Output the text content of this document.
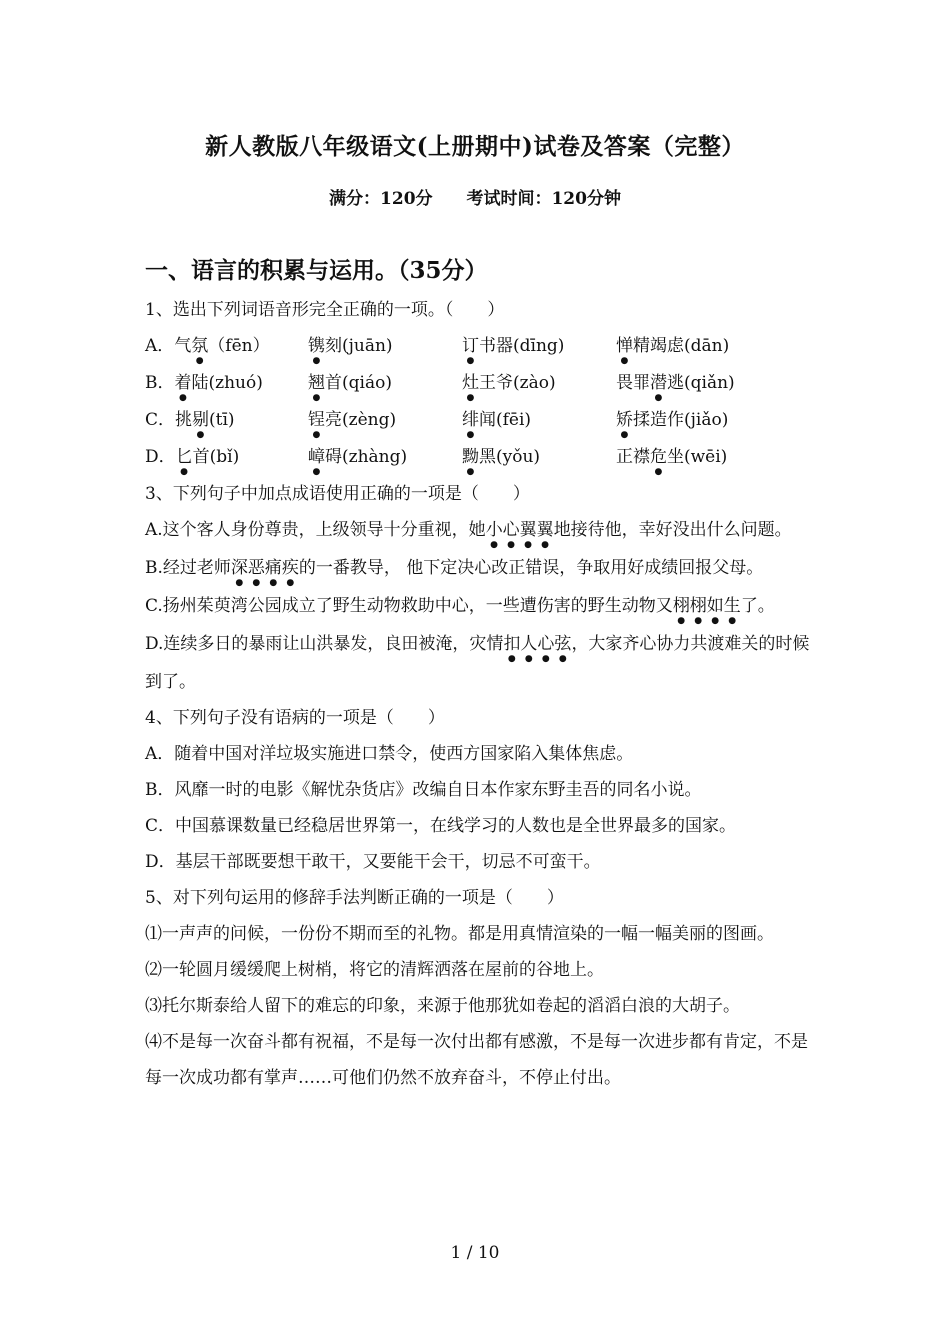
新人教版八年级语文(上册期中)试卷及答案（完整）
满分：120分 考试时间：120分钟
一、语言的积累与运用。（35分）
1、选出下列词语音形完全正确的一项。（　　）
A．气氛（fēn）	镌刻(juān)	订书器(dīng)	惮精竭虑(dān)
B．着陆(zhuó)	翘首(qiáo)	灶王爷(zào)	畏罪潜逃(qiǎn)
C．挑剔(tī)	锃亮(zèng)	绯闻(fēi)	矫揉造作(jiǎo)
D．匕首(bǐ)	嶂碍(zhàng)	黝黑(yǒu)	正襟危坐(wēi)
3、下列句子中加点成语使用正确的一项是（　　）
A.这个客人身份尊贵，上级领导十分重视，她小心翼翼地接待他，幸好没出什么问题。
B.经过老师深恶痛疾的一番教导， 他下定决心改正错误，争取用好成绩回报父母。
C.扬州茱萸湾公园成立了野生动物救助中心，一些遭伤害的野生动物又栩栩如生了。
D.连续多日的暴雨让山洪暴发，良田被淹，灾情扣人心弦，大家齐心协力共渡难关的时候到了。
4、下列句子没有语病的一项是（　　）
A．随着中国对洋垃圾实施进口禁令，使西方国家陷入集体焦虑。
B．风靡一时的电影《解忧杂货店》改编自日本作家东野圭吾的同名小说。
C．中国慕课数量已经稳居世界第一，在线学习的人数也是全世界最多的国家。
D．基层干部既要想干敢干，又要能干会干，切忌不可蛮干。
5、对下列句运用的修辞手法判断正确的一项是（　　）
⑴一声声的问候，一份份不期而至的礼物。都是用真情渲染的一幅一幅美丽的图画。
⑵一轮圆月缓缓爬上树梢，将它的清辉洒落在屋前的谷地上。
⑶托尔斯泰给人留下的难忘的印象，来源于他那犹如卷起的滔滔白浪的大胡子。
⑷不是每一次奋斗都有祝福，不是每一次付出都有感激，不是每一次进步都有肯定，不是每一次成功都有掌声……可他们仍然不放弃奋斗，不停止付出。
1 / 10
